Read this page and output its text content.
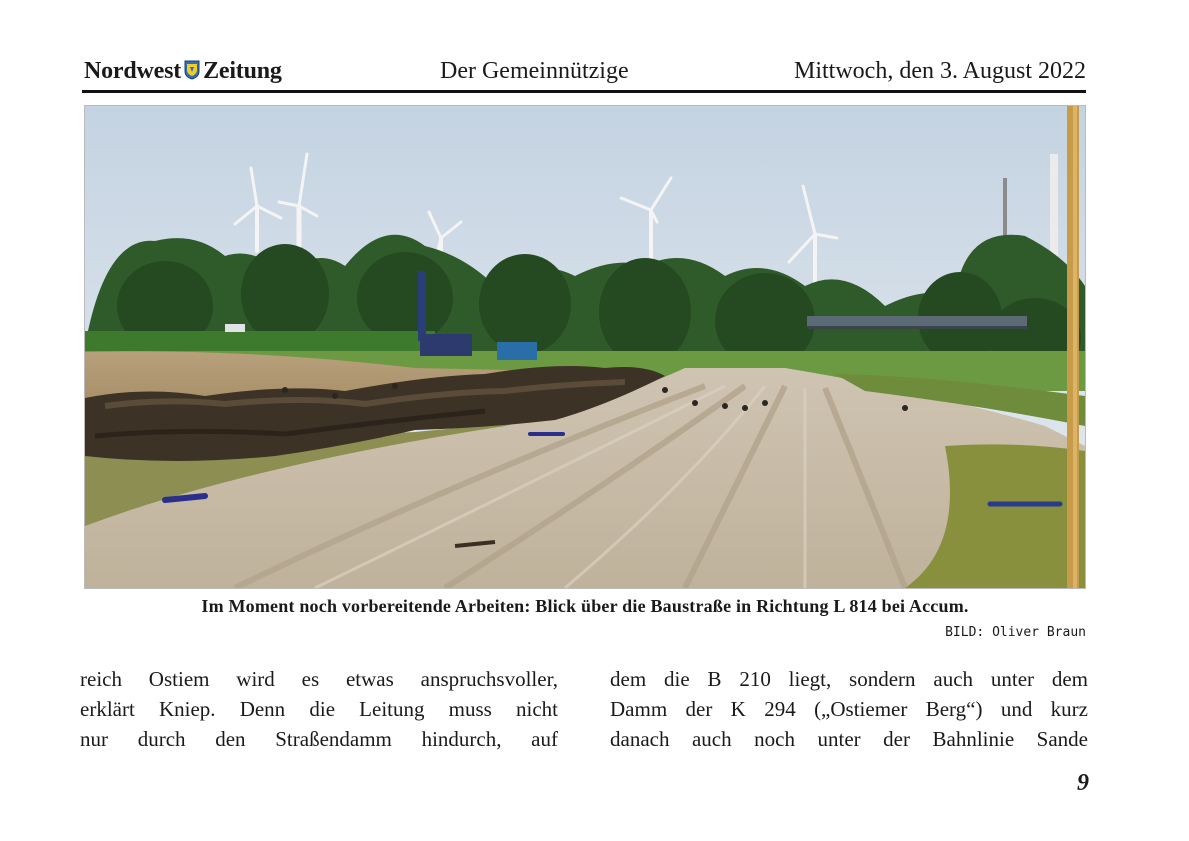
Nordwest Zeitung	Der Gemeinnützige	Mittwoch, den 3. August 2022
Im Moment noch vorbereitende Arbeiten: Blick über die Baustraße in Richtung L 814 bei Accum.
BILD: Oliver Braun
reich Ostiem wird es etwas anspruchsvoller,
erklärt Kniep. Denn die Leitung muss nicht
nur durch den Straßendamm hindurch, auf
dem die B 210 liegt, sondern auch unter dem
Damm der K 294 („Ostiemer Berg“) und kurz
danach auch noch unter der Bahnlinie Sande
9
